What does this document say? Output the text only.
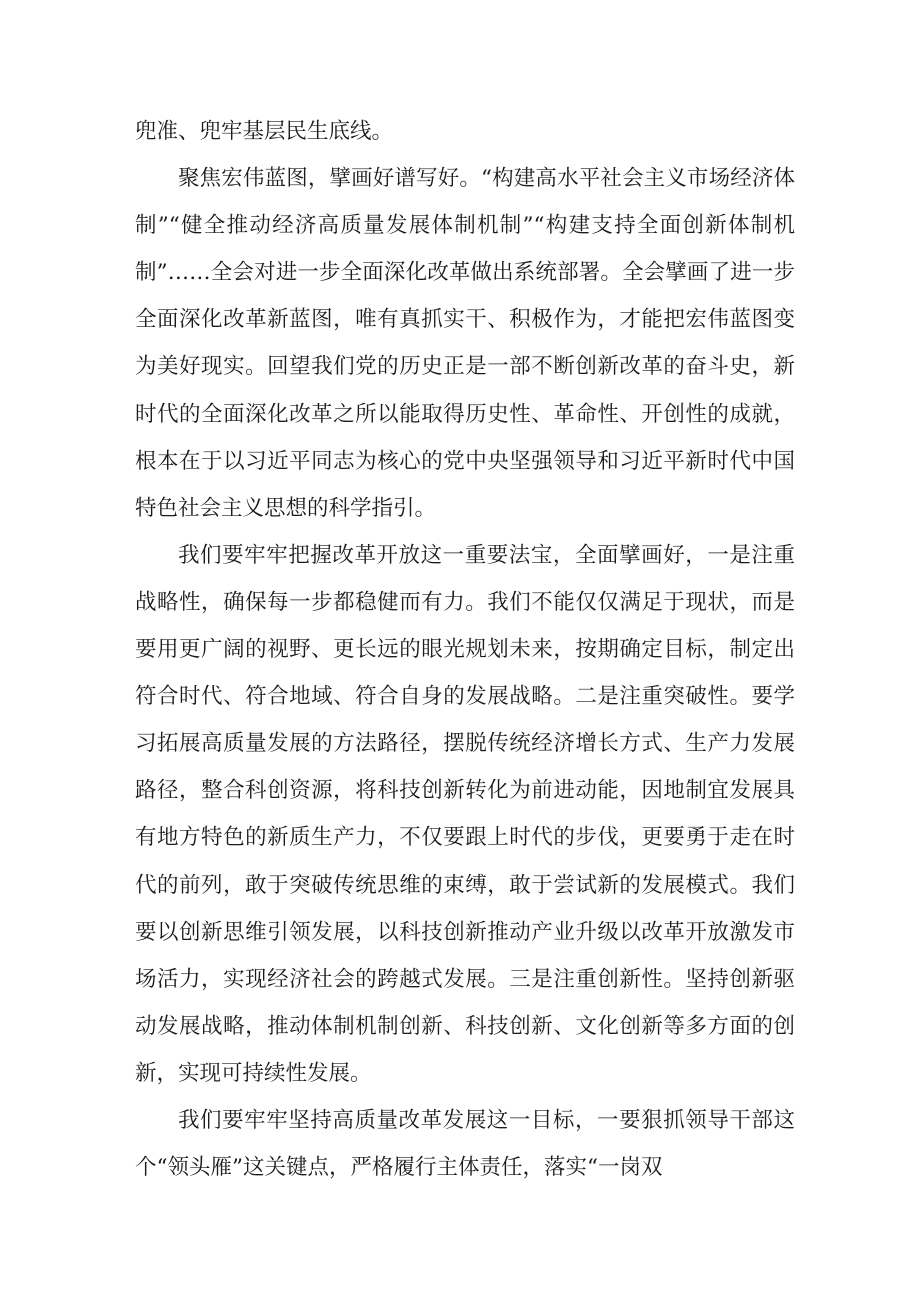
兜准、兜牢基层民生底线。

聚焦宏伟蓝图，擘画好谱写好。“构建高水平社会主义市场经济体制”“健全推动经济高质量发展体制机制”“构建支持全面创新体制机制”……全会对进一步全面深化改革做出系统部署。全会擘画了进一步全面深化改革新蓝图，唯有真抓实干、积极作为，才能把宏伟蓝图变为美好现实。回望我们党的历史正是一部不断创新改革的奋斗史，新时代的全面深化改革之所以能取得历史性、革命性、开创性的成就，根本在于以习近平同志为核心的党中央坚强领导和习近平新时代中国特色社会主义思想的科学指引。

我们要牢牢把握改革开放这一重要法宝，全面擘画好，一是注重战略性，确保每一步都稳健而有力。我们不能仅仅满足于现状，而是要用更广阔的视野、更长远的眼光规划未来，按期确定目标，制定出符合时代、符合地域、符合自身的发展战略。二是注重突破性。要学习拓展高质量发展的方法路径，摆脱传统经济增长方式、生产力发展路径，整合科创资源，将科技创新转化为前进动能，因地制宜发展具有地方特色的新质生产力，不仅要跟上时代的步伐，更要勇于走在时代的前列，敢于突破传统思维的束缚，敢于尝试新的发展模式。我们要以创新思维引领发展，以科技创新推动产业升级以改革开放激发市场活力，实现经济社会的跨越式发展。三是注重创新性。坚持创新驱动发展战略，推动体制机制创新、科技创新、文化创新等多方面的创新，实现可持续性发展。

我们要牢牢坚持高质量改革发展这一目标，一要狠抓领导干部这个“领头雁”这关键点，严格履行主体责任，落实“一岗双
